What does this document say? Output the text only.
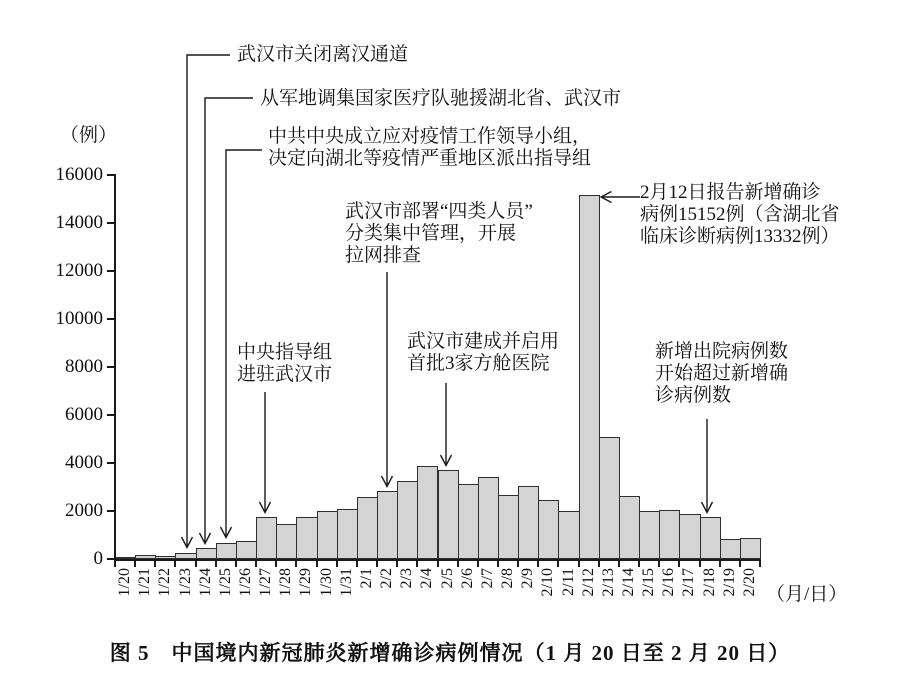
（例）
（月/日）
0
2000
4000
6000
8000
10000
12000
14000
16000
1/20 1/21 1/22 1/23 1/24 1/25 1/26 1/27 1/28 1/29 1/30 1/31 2/1 2/2 2/3 2/4 2/5 2/6 2/7 2/8 2/9 2/10 2/11 2/12 2/13 2/14 2/15 2/16 2/17 2/18 2/19 2/20
武汉市关闭离汉通道
从军地调集国家医疗队驰援湖北省、武汉市
中共中央成立应对疫情工作领导小组，
决定向湖北等疫情严重地区派出指导组
武汉市部署“四类人员”
分类集中管理，开展
拉网排查
中央指导组
进驻武汉市
武汉市建成并启用
首批3家方舱医院
2月12日报告新增确诊
病例15152例（含湖北省
临床诊断病例13332例）
新增出院病例数
开始超过新增确
诊病例数
图 5　中国境内新冠肺炎新增确诊病例情况（1 月 20 日至 2 月 20 日）
